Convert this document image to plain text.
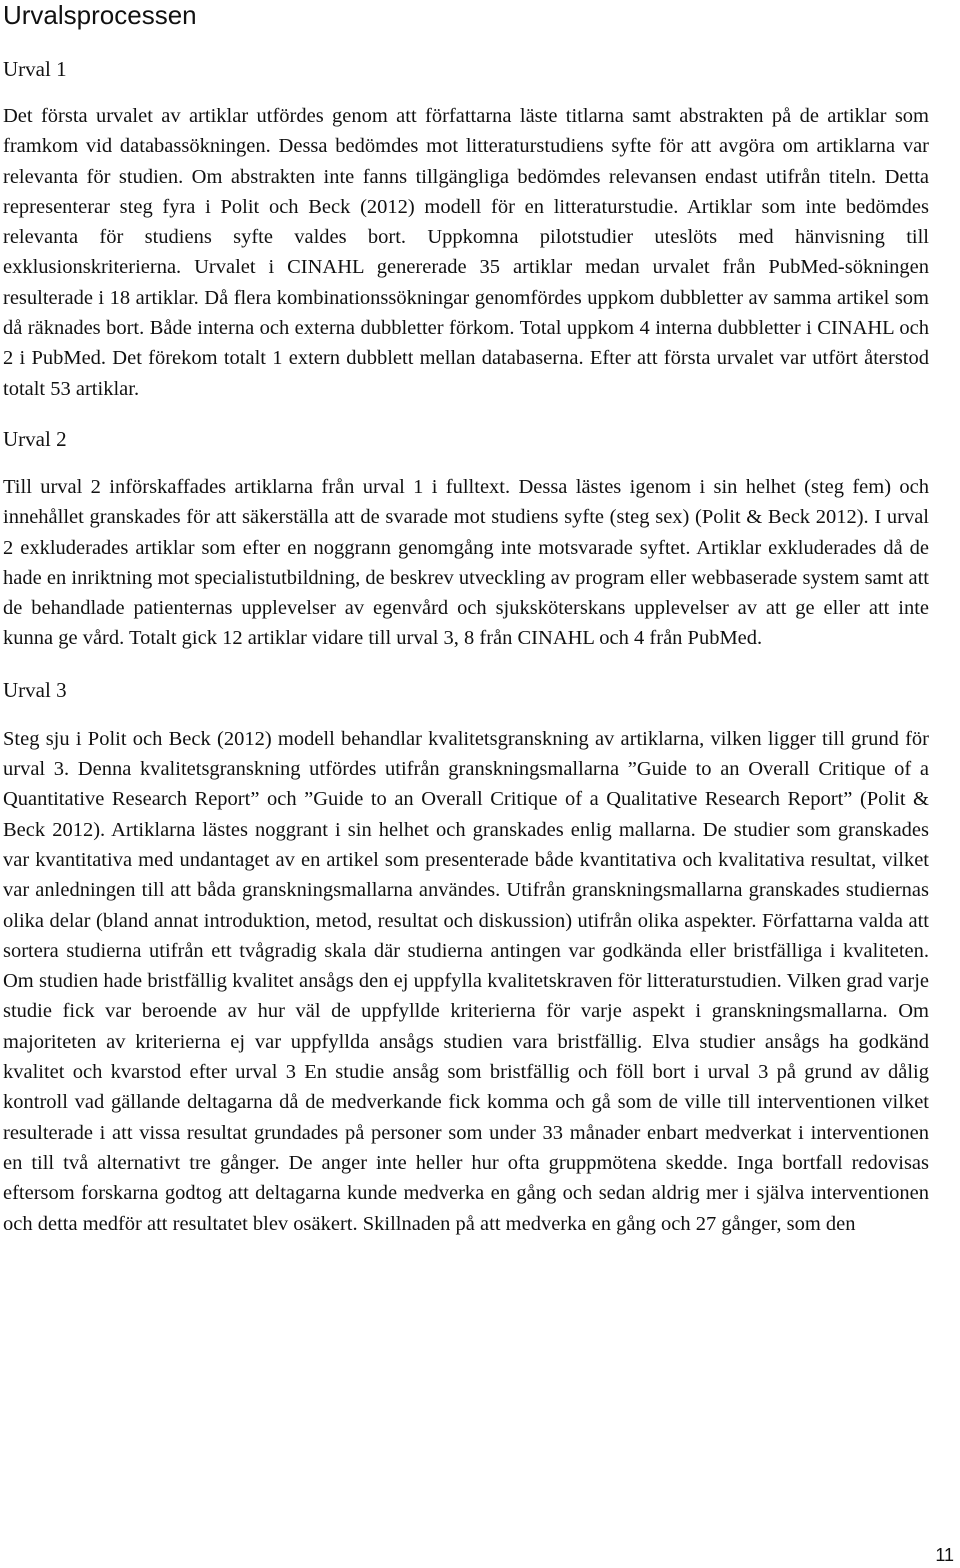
Urvalsprocessen
Urval 1

Det första urvalet av artiklar utfördes genom att författarna läste titlarna samt abstrakten på de artiklar som framkom vid databassökningen. Dessa bedömdes mot litteraturstudiens syfte för att avgöra om artiklarna var relevanta för studien. Om abstrakten inte fanns tillgängliga bedömdes relevansen endast utifrån titeln. Detta representerar steg fyra i Polit och Beck (2012) modell för en litteraturstudie. Artiklar som inte bedömdes relevanta för studiens syfte valdes bort. Uppkomna pilotstudier uteslöts med hänvisning till exklusionskriterierna. Urvalet i CINAHL genererade 35 artiklar medan urvalet från PubMed-sökningen resulterade i 18 artiklar. Då flera kombinationssökningar genomfördes uppkom dubbletter av samma artikel som då räknades bort. Både interna och externa dubbletter förkom. Total uppkom 4 interna dubbletter i CINAHL och 2 i PubMed. Det förekom totalt 1 extern dubblett mellan databaserna. Efter att första urvalet var utfört återstod totalt 53 artiklar.

Urval 2

Till urval 2 införskaffades artiklarna från urval 1 i fulltext. Dessa lästes igenom i sin helhet (steg fem) och innehållet granskades för att säkerställa att de svarade mot studiens syfte (steg sex) (Polit & Beck 2012). I urval 2 exkluderades artiklar som efter en noggrann genomgång inte motsvarade syftet. Artiklar exkluderades då de hade en inriktning mot specialistutbildning, de beskrev utveckling av program eller webbaserade system samt att de behandlade patienternas upplevelser av egenvård och sjuksköterskans upplevelser av att ge eller att inte kunna ge vård. Totalt gick 12 artiklar vidare till urval 3, 8 från CINAHL och 4 från PubMed.

Urval 3

Steg sju i Polit och Beck (2012) modell behandlar kvalitetsgranskning av artiklarna, vilken ligger till grund för urval 3. Denna kvalitetsgranskning utfördes utifrån granskningsmallarna ”Guide to an Overall Critique of a Quantitative Research Report” och ”Guide to an Overall Critique of a Qualitative Research Report” (Polit & Beck 2012). Artiklarna lästes noggrant i sin helhet och granskades enlig mallarna. De studier som granskades var kvantitativa med undantaget av en artikel som presenterade både kvantitativa och kvalitativa resultat, vilket var anledningen till att båda granskningsmallarna användes. Utifrån granskningsmallarna granskades studiernas olika delar (bland annat introduktion, metod, resultat och diskussion) utifrån olika aspekter. Författarna valda att sortera studierna utifrån ett tvågradig skala där studierna antingen var godkända eller bristfälliga i kvaliteten. Om studien hade bristfällig kvalitet ansågs den ej uppfylla kvalitetskraven för litteraturstudien. Vilken grad varje studie fick var beroende av hur väl de uppfyllde kriterierna för varje aspekt i granskningsmallarna. Om majoriteten av kriterierna ej var uppfyllda ansågs studien vara bristfällig. Elva studier ansågs ha godkänd kvalitet och kvarstod efter urval 3 En studie ansåg som bristfällig och föll bort i urval 3 på grund av dålig kontroll vad gällande deltagarna då de medverkande fick komma och gå som de ville till interventionen vilket resulterade i att vissa resultat grundades på personer som under 33 månader enbart medverkat i interventionen en till två alternativt tre gånger. De anger inte heller hur ofta gruppmötena skedde. Inga bortfall redovisas eftersom forskarna godtog att deltagarna kunde medverka en gång och sedan aldrig mer i själva interventionen och detta medför att resultatet blev osäkert. Skillnaden på att medverka en gång och 27 gånger, som den

11
